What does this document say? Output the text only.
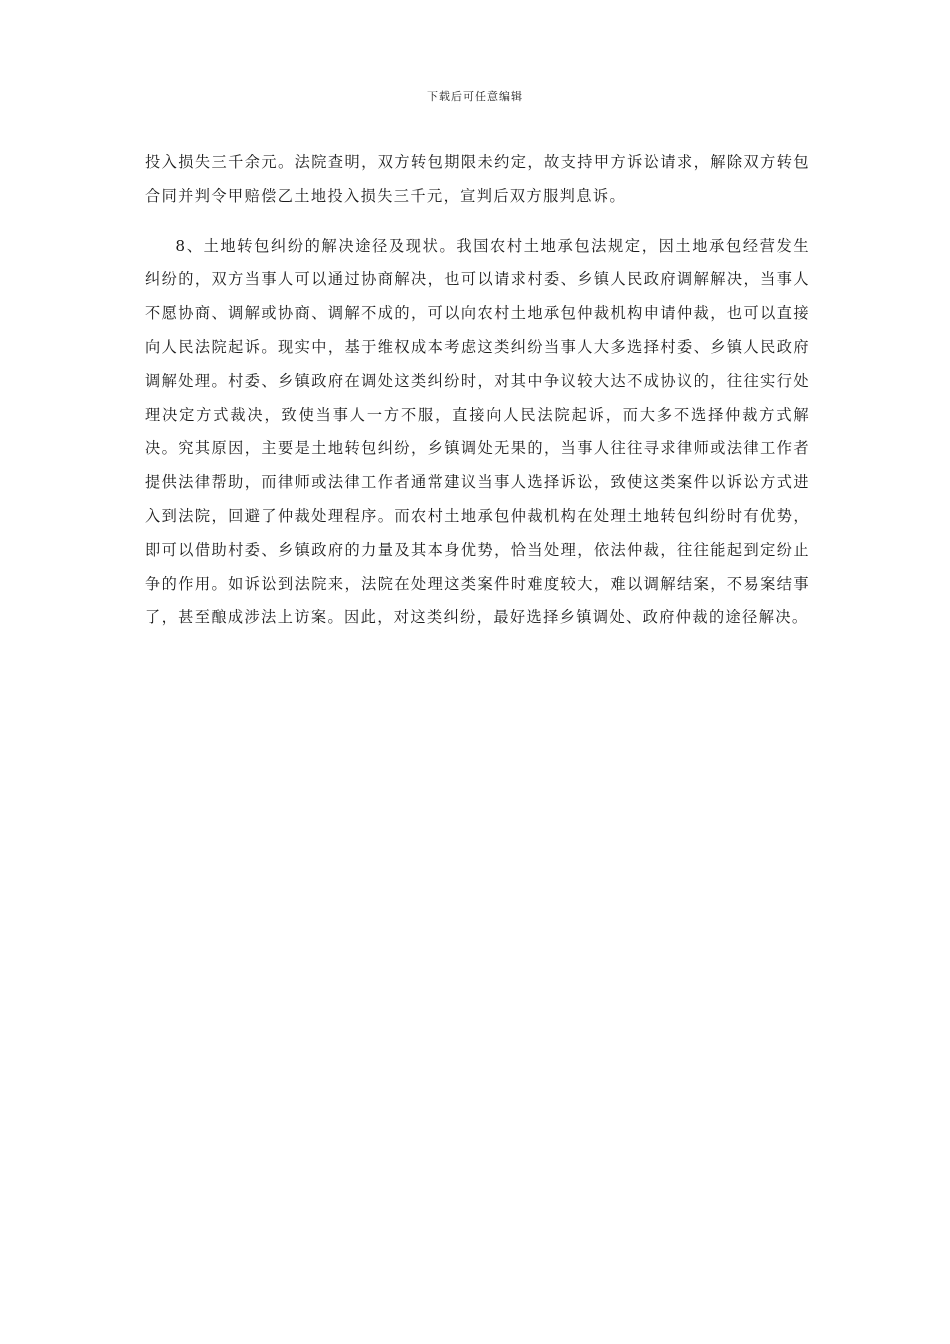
下载后可任意编辑

投入损失三千余元。法院查明，双方转包期限未约定，故支持甲方诉讼请求，解除双方转包合同并判令甲赔偿乙土地投入损失三千元，宣判后双方服判息诉。

8、土地转包纠纷的解决途径及现状。我国农村土地承包法规定，因土地承包经营发生纠纷的，双方当事人可以通过协商解决，也可以请求村委、乡镇人民政府调解解决，当事人不愿协商、调解或协商、调解不成的，可以向农村土地承包仲裁机构申请仲裁，也可以直接向人民法院起诉。现实中，基于维权成本考虑这类纠纷当事人大多选择村委、乡镇人民政府调解处理。村委、乡镇政府在调处这类纠纷时，对其中争议较大达不成协议的，往往实行处理决定方式裁决，致使当事人一方不服，直接向人民法院起诉，而大多不选择仲裁方式解决。究其原因，主要是土地转包纠纷，乡镇调处无果的，当事人往往寻求律师或法律工作者提供法律帮助，而律师或法律工作者通常建议当事人选择诉讼，致使这类案件以诉讼方式进入到法院，回避了仲裁处理程序。而农村土地承包仲裁机构在处理土地转包纠纷时有优势，即可以借助村委、乡镇政府的力量及其本身优势，恰当处理，依法仲裁，往往能起到定纷止争的作用。如诉讼到法院来，法院在处理这类案件时难度较大，难以调解结案，不易案结事了，甚至酿成涉法上访案。因此，对这类纠纷，最好选择乡镇调处、政府仲裁的途径解决。
